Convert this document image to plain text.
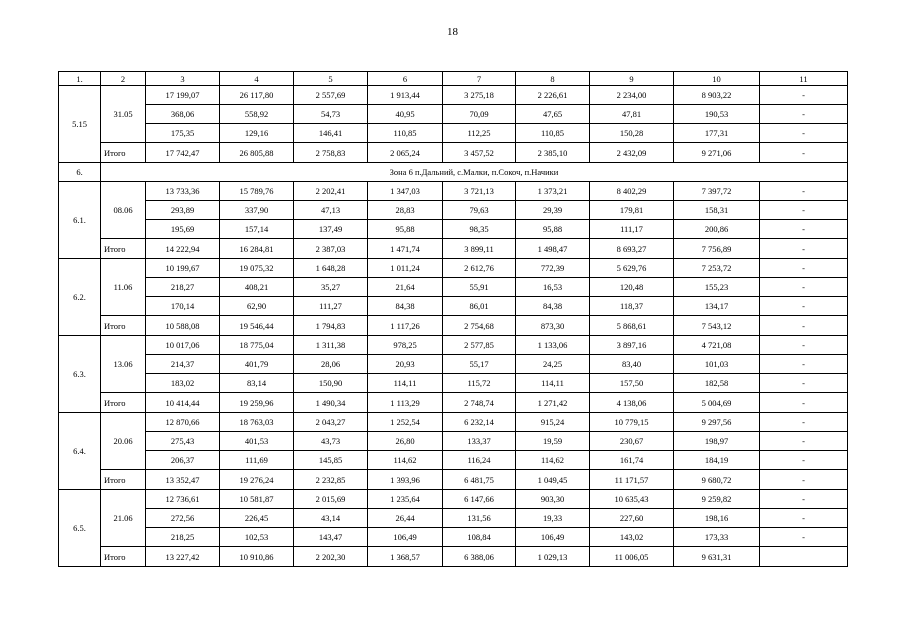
18
1.	2	3	4	5	6	7	8	9	10	11
5.15	31.05	17 199,07	26 117,80	2 557,69	1 913,44	3 275,18	2 226,61	2 234,00	8 903,22	-
		368,06	558,92	54,73	40,95	70,09	47,65	47,81	190,53	-
		175,35	129,16	146,41	110,85	112,25	110,85	150,28	177,31	-
	Итого	17 742,47	26 805,88	2 758,83	2 065,24	3 457,52	2 385,10	2 432,09	9 271,06	-
6.	Зона 6 п.Дальний, с.Малки, п.Сокоч, п.Начики									
6.1.	08.06	13 733,36	15 789,76	2 202,41	1 347,03	3 721,13	1 373,21	8 402,29	7 397,72	-
		293,89	337,90	47,13	28,83	79,63	29,39	179,81	158,31	-
		195,69	157,14	137,49	95,88	98,35	95,88	111,17	200,86	-
	Итого	14 222,94	16 284,81	2 387,03	1 471,74	3 899,11	1 498,47	8 693,27	7 756,89	-
6.2.	11.06	10 199,67	19 075,32	1 648,28	1 011,24	2 612,76	772,39	5 629,76	7 253,72	-
		218,27	408,21	35,27	21,64	55,91	16,53	120,48	155,23	-
		170,14	62,90	111,27	84,38	86,01	84,38	118,37	134,17	-
	Итого	10 588,08	19 546,44	1 794,83	1 117,26	2 754,68	873,30	5 868,61	7 543,12	-
6.3.	13.06	10 017,06	18 775,04	1 311,38	978,25	2 577,85	1 133,06	3 897,16	4 721,08	-
		214,37	401,79	28,06	20,93	55,17	24,25	83,40	101,03	-
		183,02	83,14	150,90	114,11	115,72	114,11	157,50	182,58	-
	Итого	10 414,44	19 259,96	1 490,34	1 113,29	2 748,74	1 271,42	4 138,06	5 004,69	-
6.4.	20.06	12 870,66	18 763,03	2 043,27	1 252,54	6 232,14	915,24	10 779,15	9 297,56	-
		275,43	401,53	43,73	26,80	133,37	19,59	230,67	198,97	-
		206,37	111,69	145,85	114,62	116,24	114,62	161,74	184,19	-
	Итого	13 352,47	19 276,24	2 232,85	1 393,96	6 481,75	1 049,45	11 171,57	9 680,72	-
6.5.	21.06	12 736,61	10 581,87	2 015,69	1 235,64	6 147,66	903,30	10 635,43	9 259,82	-
		272,56	226,45	43,14	26,44	131,56	19,33	227,60	198,16	-
		218,25	102,53	143,47	106,49	108,84	106,49	143,02	173,33	-
	Итого	13 227,42	10 910,86	2 202,30	1 368,57	6 388,06	1 029,13	11 006,05	9 631,31	
